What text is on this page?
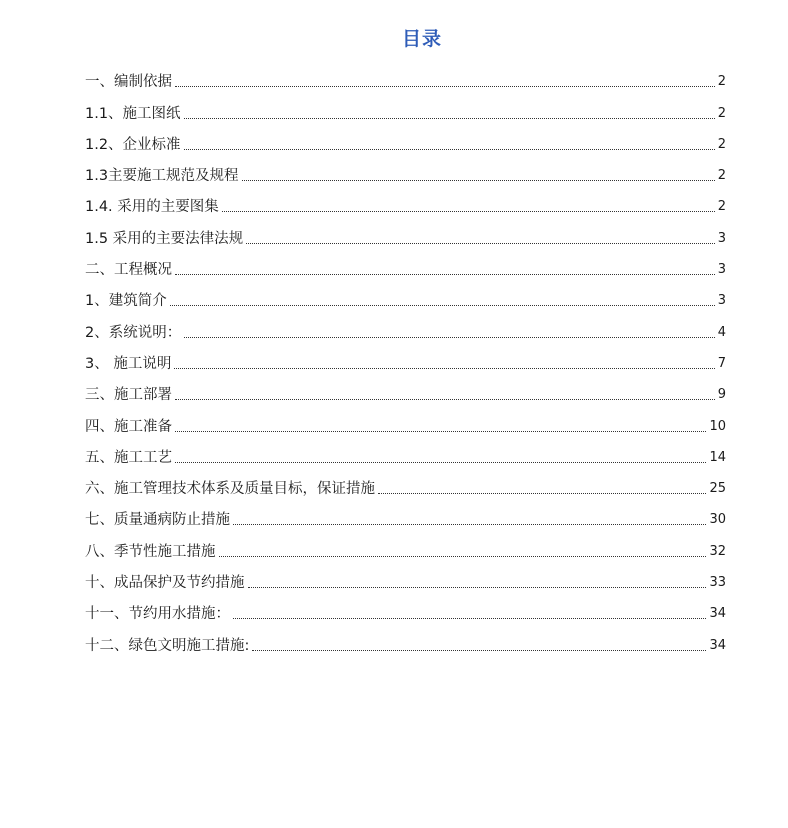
目录
一、编制依据	2
1.1、施工图纸	2
1.2、企业标准	2
1.3主要施工规范及规程	2
1.4. 采用的主要图集	2
1.5 采用的主要法律法规	3
二、工程概况	3
1、建筑简介	3
2、系统说明：	4
3、 施工说明	7
三、施工部署	9
四、施工准备	10
五、施工工艺	14
六、施工管理技术体系及质量目标，保证措施	25
七、质量通病防止措施	30
八、季节性施工措施	32
十、成品保护及节约措施	33
十一、节约用水措施：	34
十二、绿色文明施工措施:	34
